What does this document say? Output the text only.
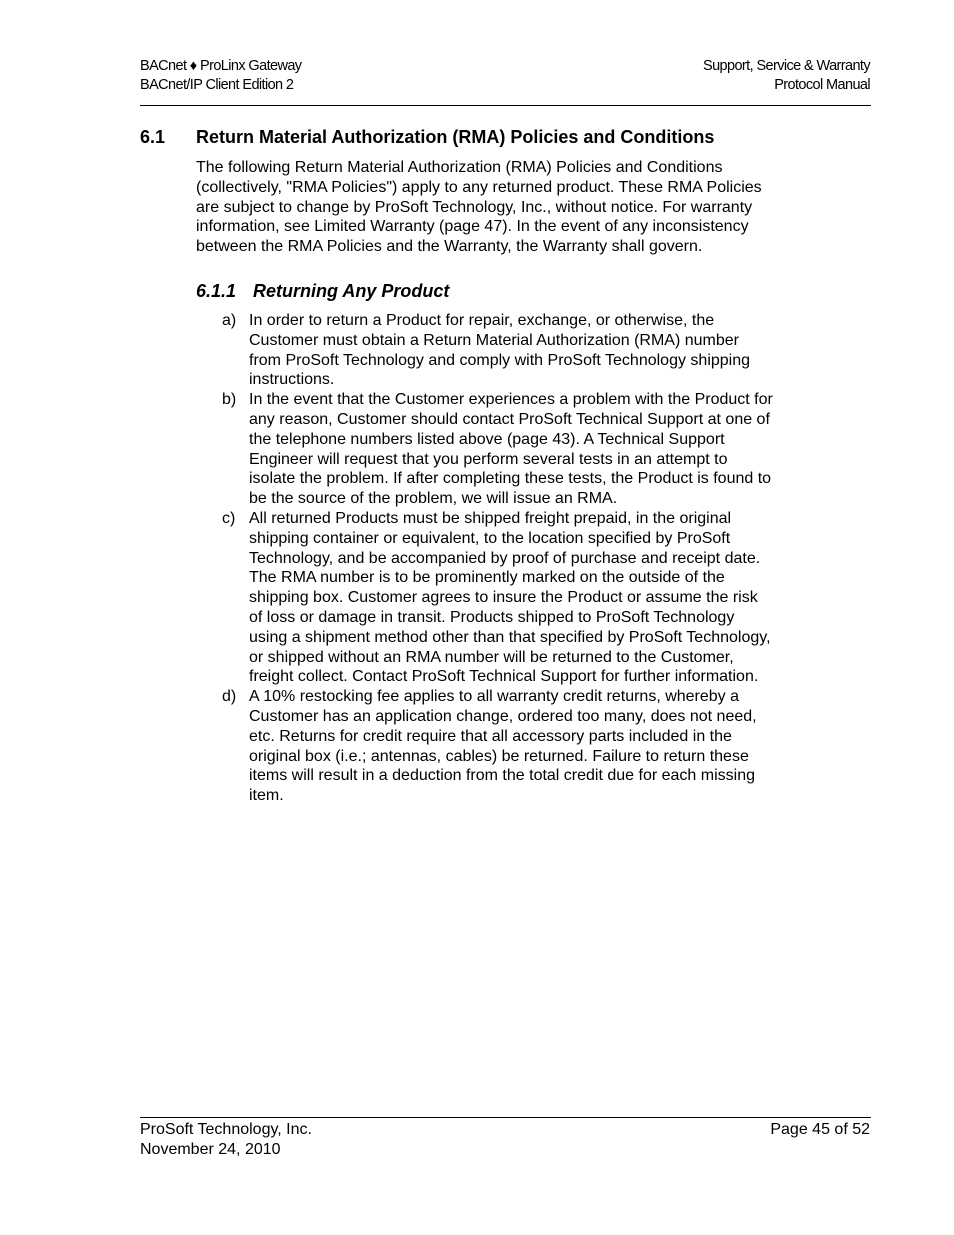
BACnet ♦ ProLinx Gateway
BACnet/IP Client Edition 2
Support, Service & Warranty
Protocol Manual
6.1 Return Material Authorization (RMA) Policies and Conditions
The following Return Material Authorization (RMA) Policies and Conditions
(collectively, "RMA Policies") apply to any returned product. These RMA Policies
are subject to change by ProSoft Technology, Inc., without notice. For warranty
information, see Limited Warranty (page 47). In the event of any inconsistency
between the RMA Policies and the Warranty, the Warranty shall govern.
6.1.1 Returning Any Product
a) In order to return a Product for repair, exchange, or otherwise, the
Customer must obtain a Return Material Authorization (RMA) number
from ProSoft Technology and comply with ProSoft Technology shipping
instructions.
b) In the event that the Customer experiences a problem with the Product for
any reason, Customer should contact ProSoft Technical Support at one of
the telephone numbers listed above (page 43). A Technical Support
Engineer will request that you perform several tests in an attempt to
isolate the problem. If after completing these tests, the Product is found to
be the source of the problem, we will issue an RMA.
c) All returned Products must be shipped freight prepaid, in the original
shipping container or equivalent, to the location specified by ProSoft
Technology, and be accompanied by proof of purchase and receipt date.
The RMA number is to be prominently marked on the outside of the
shipping box. Customer agrees to insure the Product or assume the risk
of loss or damage in transit. Products shipped to ProSoft Technology
using a shipment method other than that specified by ProSoft Technology,
or shipped without an RMA number will be returned to the Customer,
freight collect. Contact ProSoft Technical Support for further information.
d) A 10% restocking fee applies to all warranty credit returns, whereby a
Customer has an application change, ordered too many, does not need,
etc. Returns for credit require that all accessory parts included in the
original box (i.e.; antennas, cables) be returned. Failure to return these
items will result in a deduction from the total credit due for each missing
item.
ProSoft Technology, Inc.
November 24, 2010
Page 45 of 52
